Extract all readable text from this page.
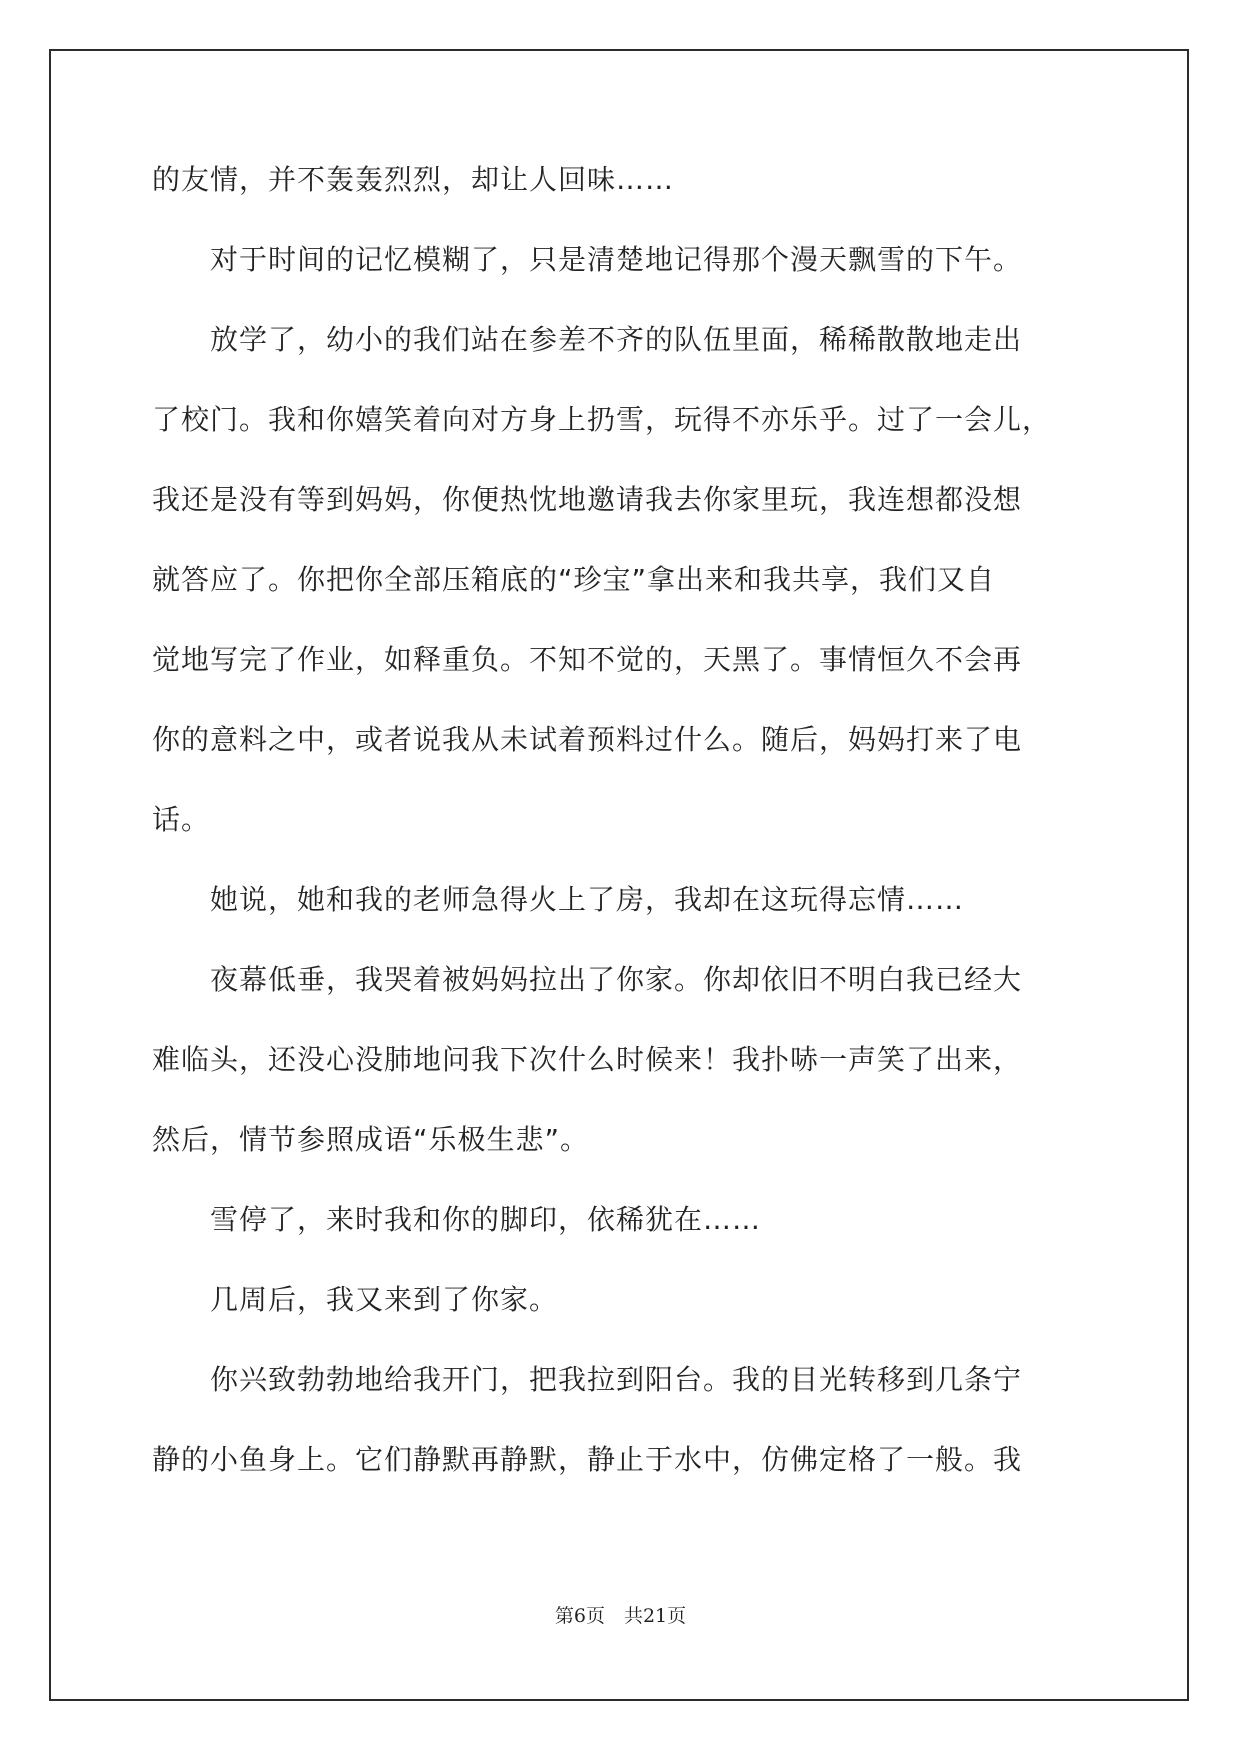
的友情，并不轰轰烈烈，却让人回味……
　　对于时间的记忆模糊了，只是清楚地记得那个漫天飘雪的下午。
　　放学了，幼小的我们站在参差不齐的队伍里面，稀稀散散地走出
了校门。我和你嬉笑着向对方身上扔雪，玩得不亦乐乎。过了一会儿，
我还是没有等到妈妈，你便热忱地邀请我去你家里玩，我连想都没想
就答应了。你把你全部压箱底的“珍宝”拿出来和我共享，我们又自
觉地写完了作业，如释重负。不知不觉的，天黑了。事情恒久不会再
你的意料之中，或者说我从未试着预料过什么。随后，妈妈打来了电
话。
　　她说，她和我的老师急得火上了房，我却在这玩得忘情……
　　夜幕低垂，我哭着被妈妈拉出了你家。你却依旧不明白我已经大
难临头，还没心没肺地问我下次什么时候来！我扑哧一声笑了出来，
然后，情节参照成语“乐极生悲”。
　　雪停了，来时我和你的脚印，依稀犹在……
　　几周后，我又来到了你家。
　　你兴致勃勃地给我开门，把我拉到阳台。我的目光转移到几条宁
静的小鱼身上。它们静默再静默，静止于水中，仿佛定格了一般。我
第6页　共21页
